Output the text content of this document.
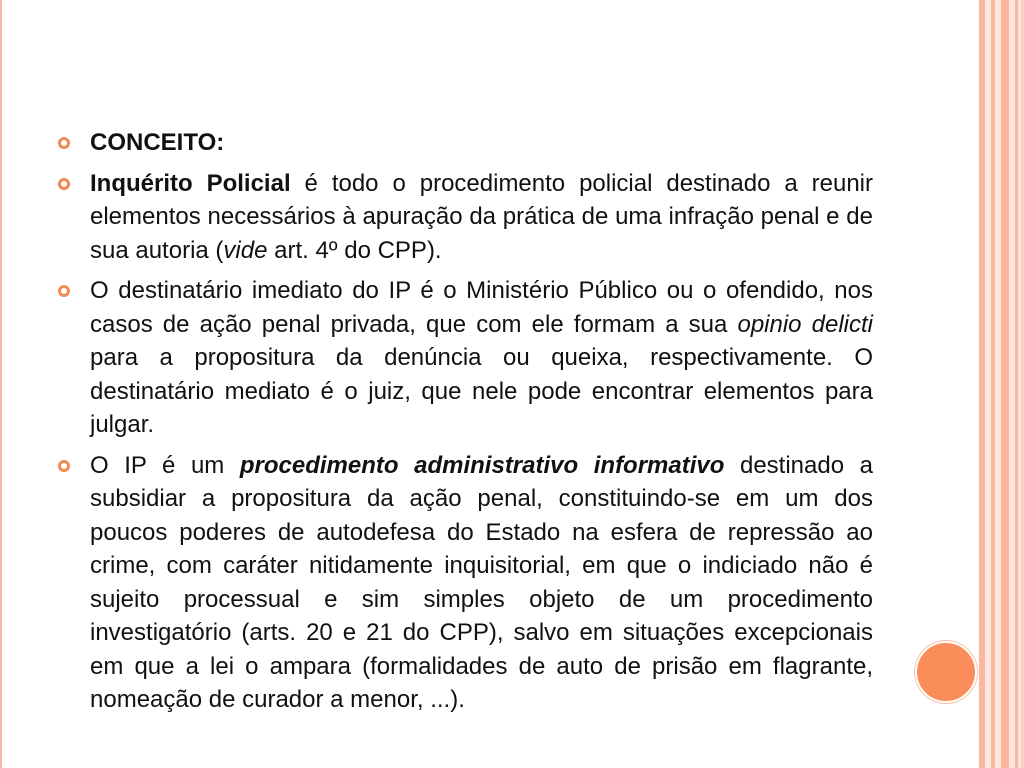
CONCEITO:
Inquérito Policial é todo o procedimento policial destinado a reunir elementos necessários à apuração da prática de uma infração penal e de sua autoria (vide art. 4º do CPP).
O destinatário imediato do IP é o Ministério Público ou o ofendido, nos casos de ação penal privada, que com ele formam a sua opinio delicti para a propositura da denúncia ou queixa, respectivamente. O destinatário mediato é o juiz, que nele pode encontrar elementos para julgar.
O IP é um procedimento administrativo informativo destinado a subsidiar a propositura da ação penal, constituindo-se em um dos poucos poderes de autodefesa do Estado na esfera de repressão ao crime, com caráter nitidamente inquisitorial, em que o indiciado não é sujeito processual e sim simples objeto de um procedimento investigatório (arts. 20 e 21 do CPP), salvo em situações excepcionais em que a lei o ampara (formalidades de auto de prisão em flagrante, nomeação de curador a menor, ...).
